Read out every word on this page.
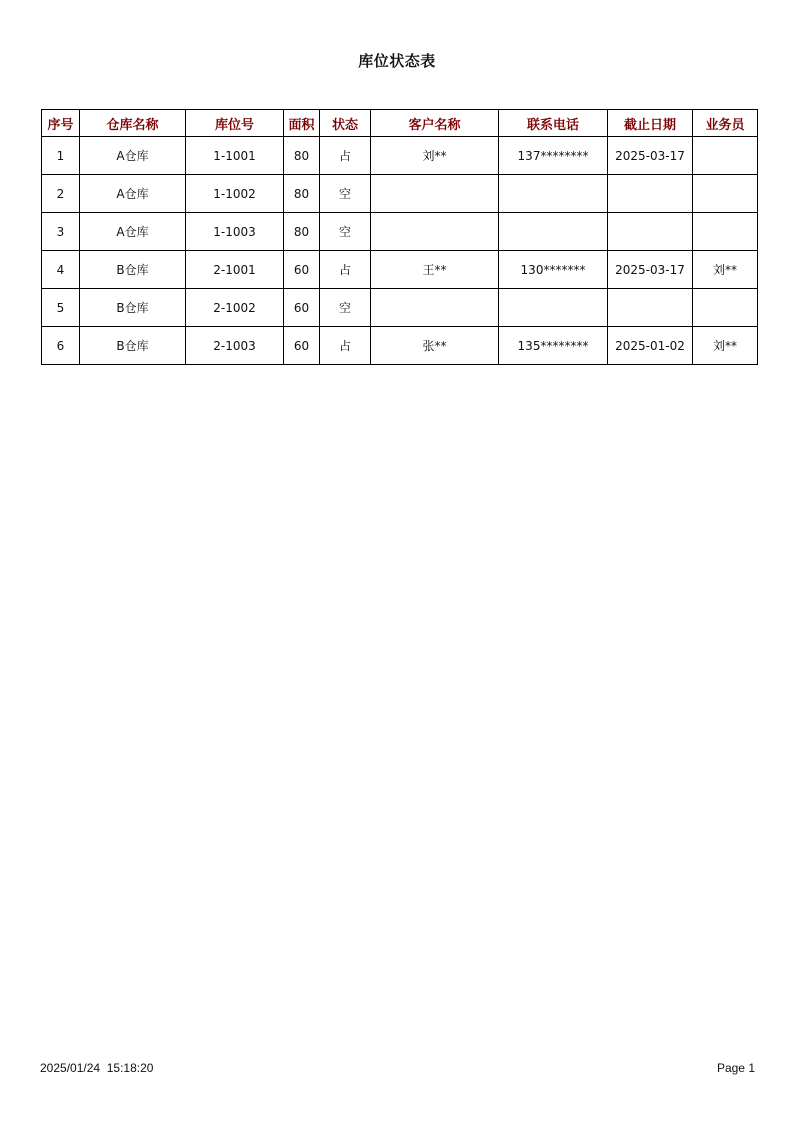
库位状态表
序号	仓库名称	库位号	面积	状态	客户名称	联系电话	截止日期	业务员
1	A仓库	1-1001	80	占	刘**	137********	2025-03-17	
2	A仓库	1-1002	80	空				
3	A仓库	1-1003	80	空				
4	B仓库	2-1001	60	占	王**	130*******	2025-03-17	刘**
5	B仓库	2-1002	60	空				
6	B仓库	2-1003	60	占	张**	135********	2025-01-02	刘**
2025/01/24  15:18:20	Page 1
